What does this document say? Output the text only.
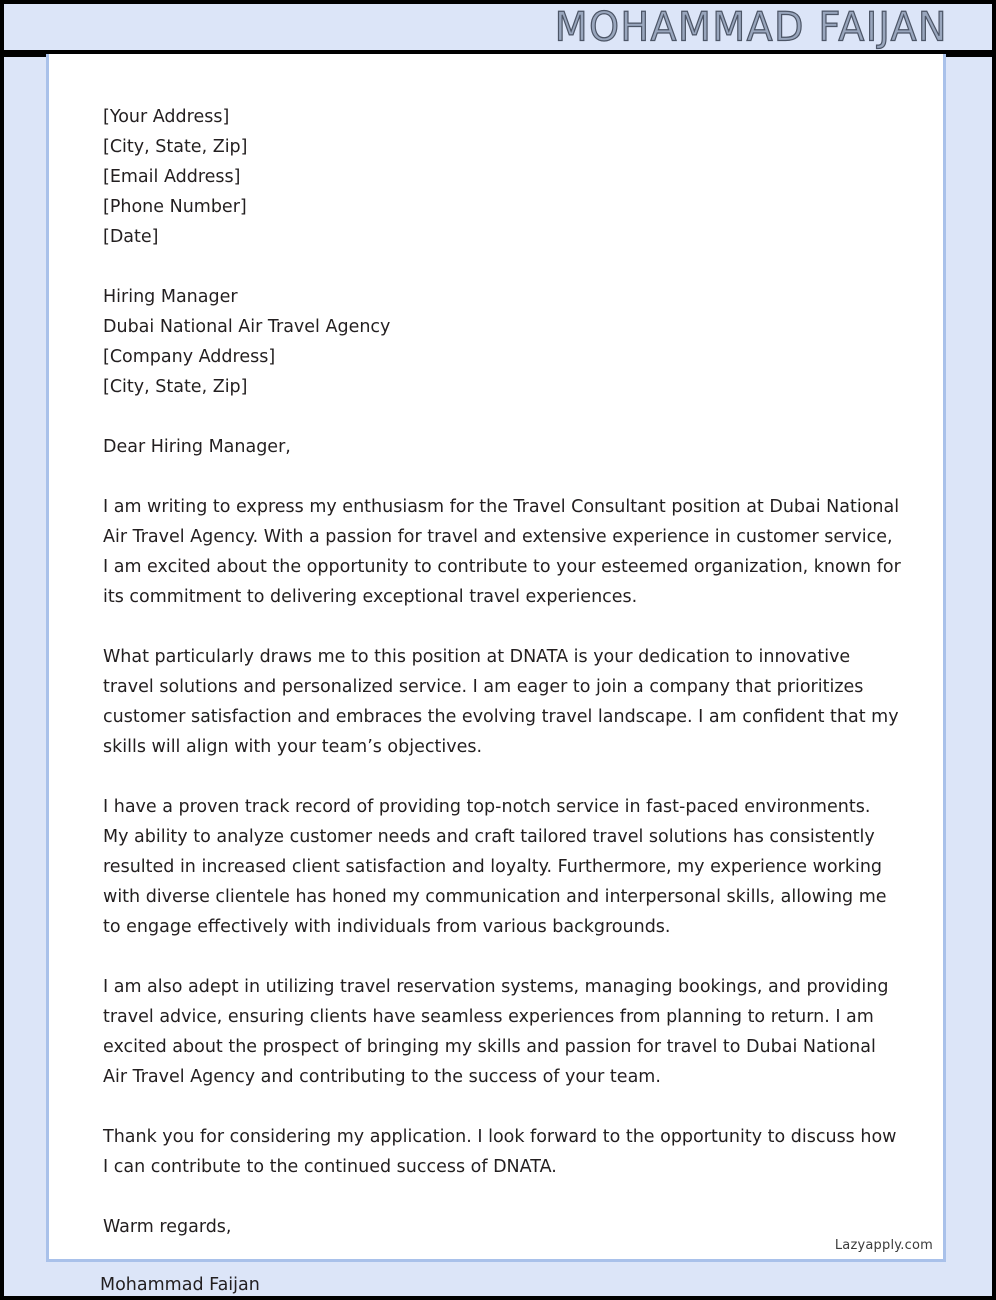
MOHAMMAD FAIJAN
[Your Address]
[City, State, Zip]
[Email Address]
[Phone Number]
[Date]
Hiring Manager
Dubai National Air Travel Agency
[Company Address]
[City, State, Zip]

Dear Hiring Manager,

I am writing to express my enthusiasm for the Travel Consultant position at Dubai National Air Travel Agency. With a passion for travel and extensive experience in customer service, I am excited about the opportunity to contribute to your esteemed organization, known for its commitment to delivering exceptional travel experiences.

What particularly draws me to this position at DNATA is your dedication to innovative travel solutions and personalized service. I am eager to join a company that prioritizes customer satisfaction and embraces the evolving travel landscape. I am confident that my skills will align with your team’s objectives.

I have a proven track record of providing top-notch service in fast-paced environments. My ability to analyze customer needs and craft tailored travel solutions has consistently resulted in increased client satisfaction and loyalty. Furthermore, my experience working with diverse clientele has honed my communication and interpersonal skills, allowing me to engage effectively with individuals from various backgrounds.

I am also adept in utilizing travel reservation systems, managing bookings, and providing travel advice, ensuring clients have seamless experiences from planning to return. I am excited about the prospect of bringing my skills and passion for travel to Dubai National Air Travel Agency and contributing to the success of your team.

Thank you for considering my application. I look forward to the opportunity to discuss how I can contribute to the continued success of DNATA.

Warm regards,

Lazyapply.com
Mohammad Faijan
